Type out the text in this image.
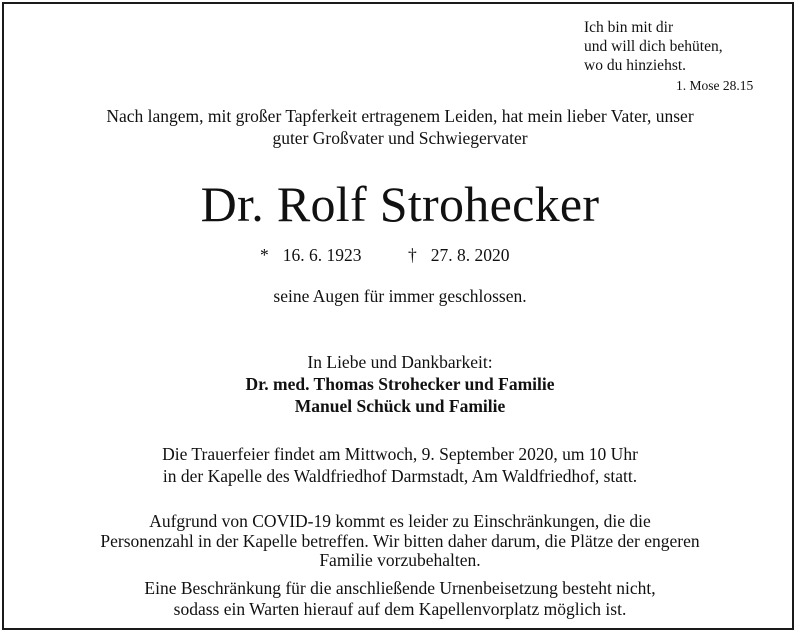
Ich bin mit dir
und will dich behüten,
wo du hinziehst.
1. Mose 28.15
Nach langem, mit großer Tapferkeit ertragenem Leiden, hat mein lieber Vater, unser
guter Großvater und Schwiegervater
Dr. Rolf Strohecker
* 16. 6. 1923	† 27. 8. 2020
seine Augen für immer geschlossen.
In Liebe und Dankbarkeit:
Dr. med. Thomas Strohecker und Familie
Manuel Schück und Familie
Die Trauerfeier findet am Mittwoch, 9. September 2020, um 10 Uhr
in der Kapelle des Waldfriedhof Darmstadt, Am Waldfriedhof, statt.
Aufgrund von COVID-19 kommt es leider zu Einschränkungen, die die
Personenzahl in der Kapelle betreffen. Wir bitten daher darum, die Plätze der engeren
Familie vorzubehalten.
Eine Beschränkung für die anschließende Urnenbeisetzung besteht nicht,
sodass ein Warten hierauf auf dem Kapellenvorplatz möglich ist.
